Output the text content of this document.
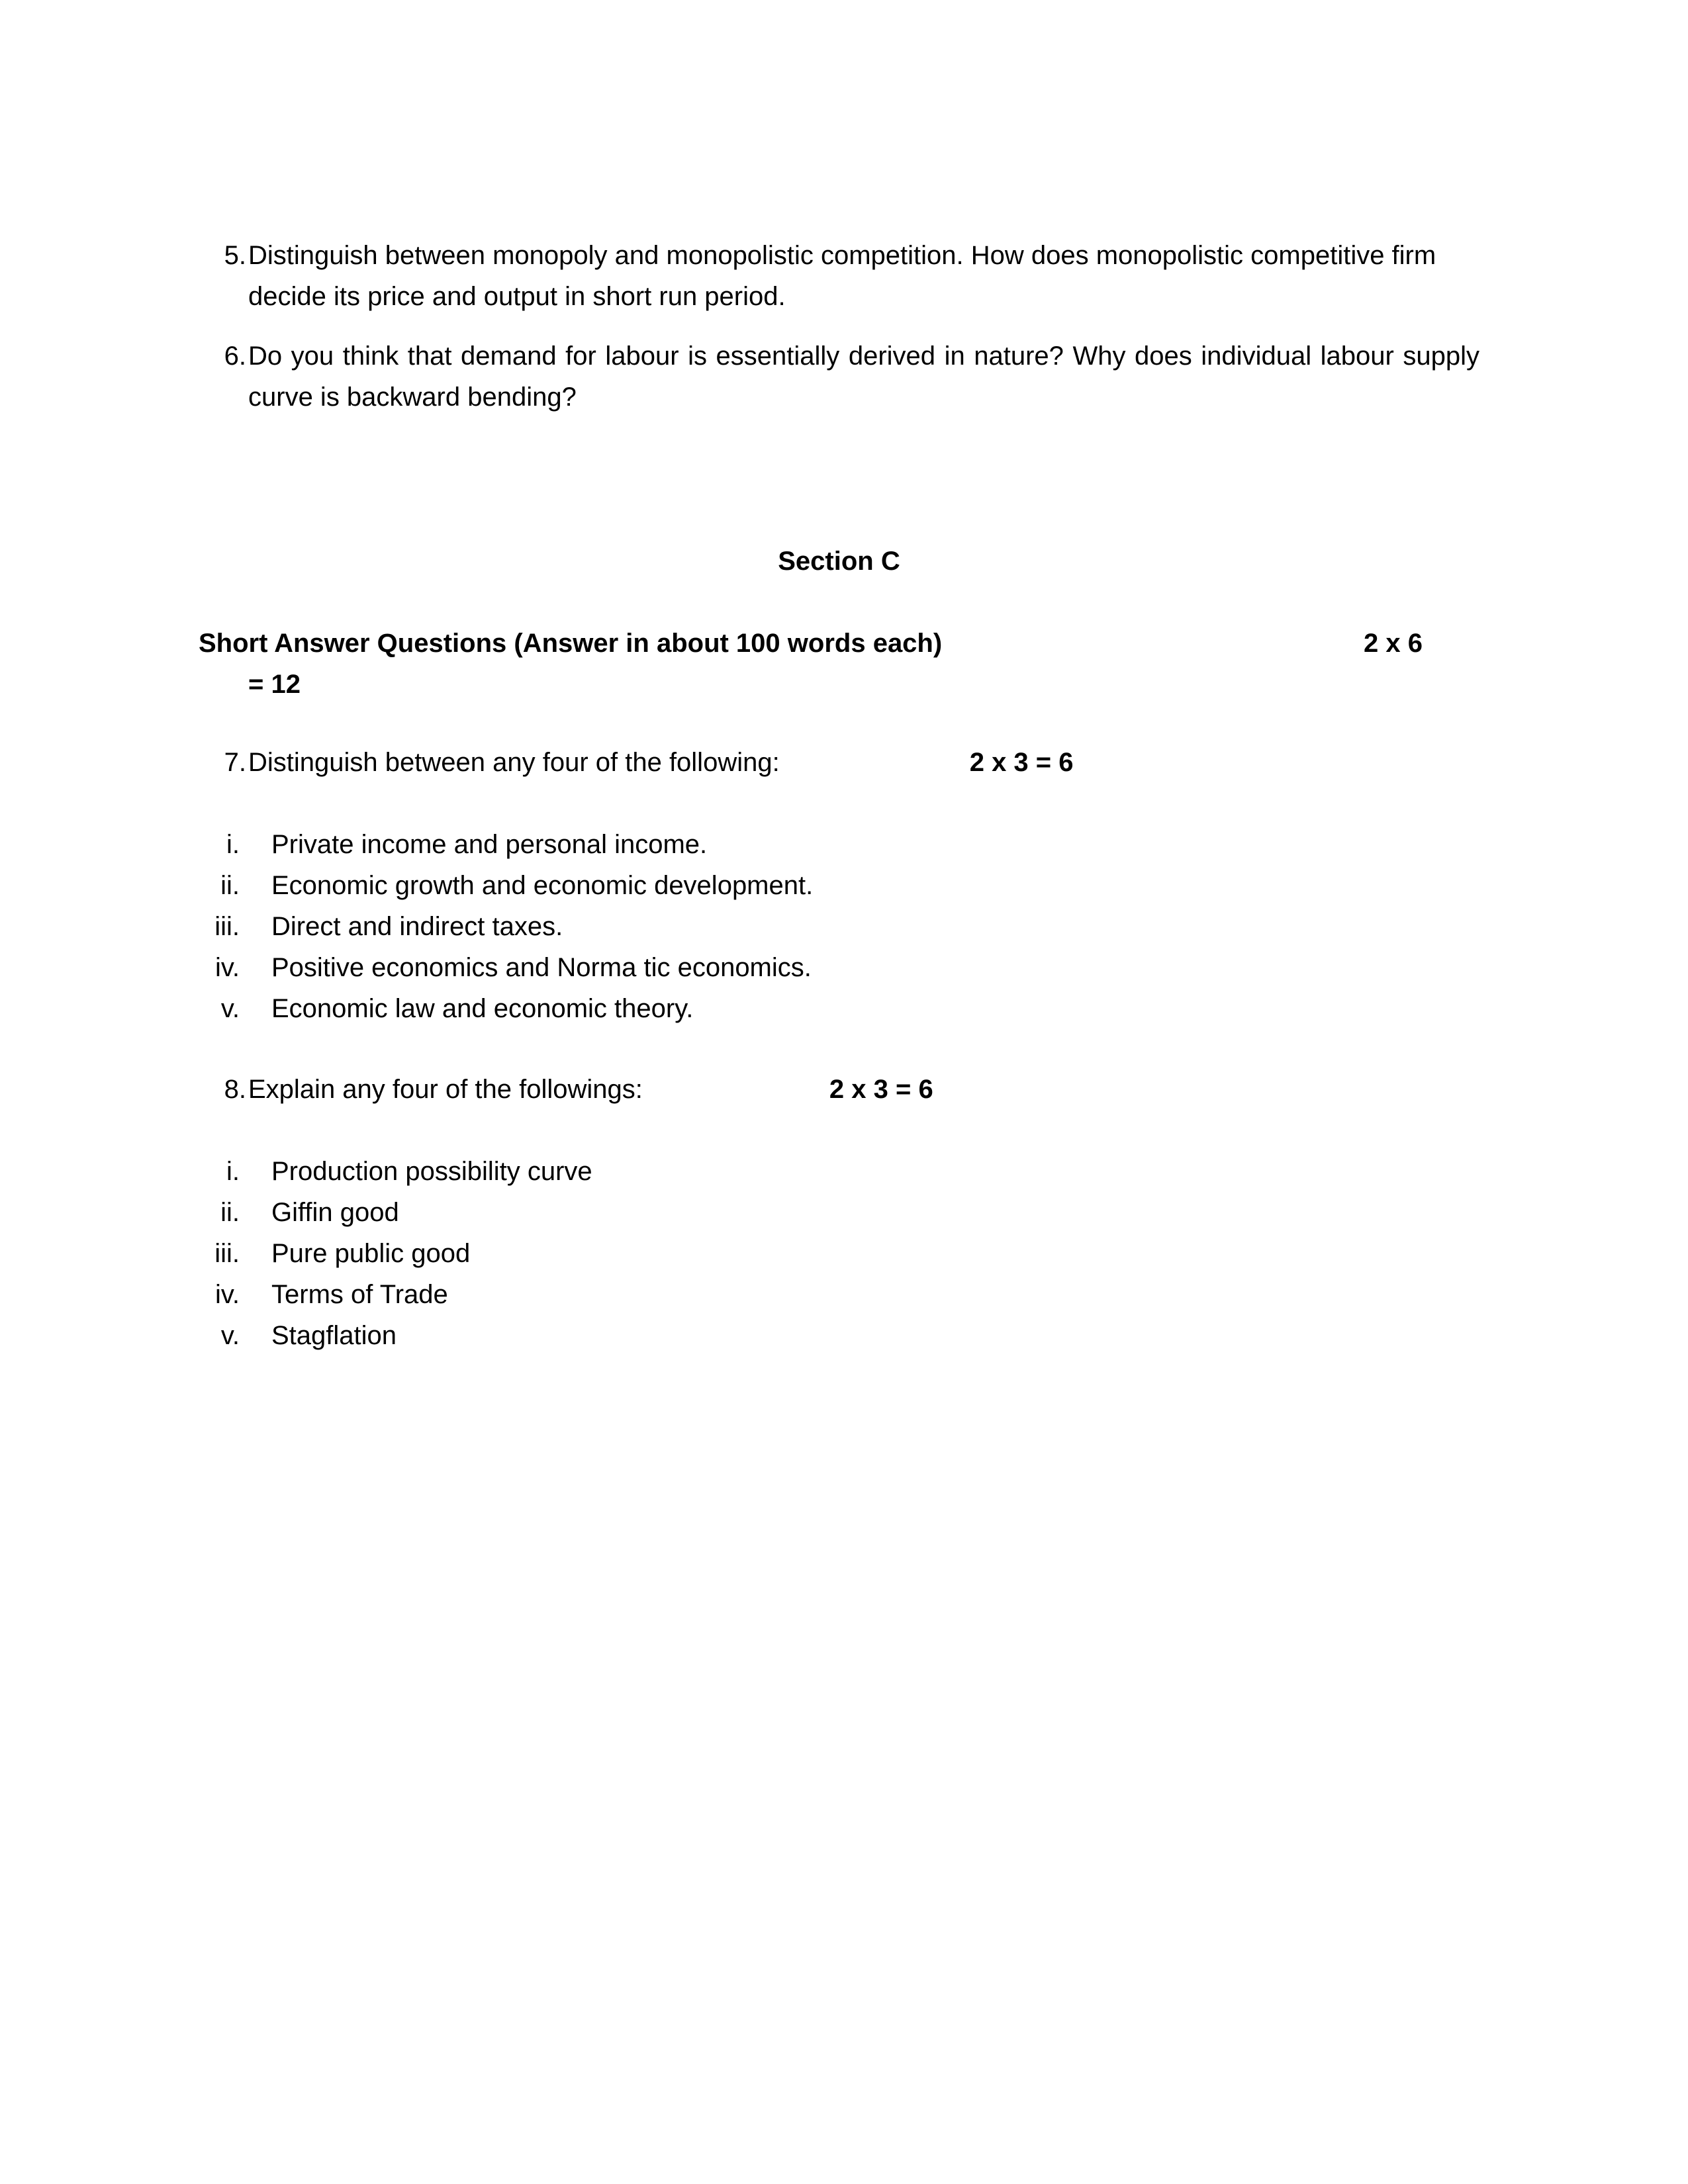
5. Distinguish between monopoly and monopolistic competition. How does monopolistic competitive firm decide its price and output in short run period.
6. Do you think that demand for labour is essentially derived in nature? Why does individual labour supply curve is backward bending?
Section C
Short Answer Questions (Answer in about 100 words each)	2 x 6
= 12
7. Distinguish between any four of the following:	2 x 3 = 6
i.	Private income and personal income.
ii.	Economic growth and economic development.
iii.	Direct and indirect taxes.
iv.	Positive economics and Norma tic economics.
v.	Economic law and economic theory.
8. Explain any four of the followings:	2 x 3 = 6
i.	Production possibility curve
ii.	Giffin good
iii.	Pure public good
iv.	Terms of Trade
v.	Stagflation
